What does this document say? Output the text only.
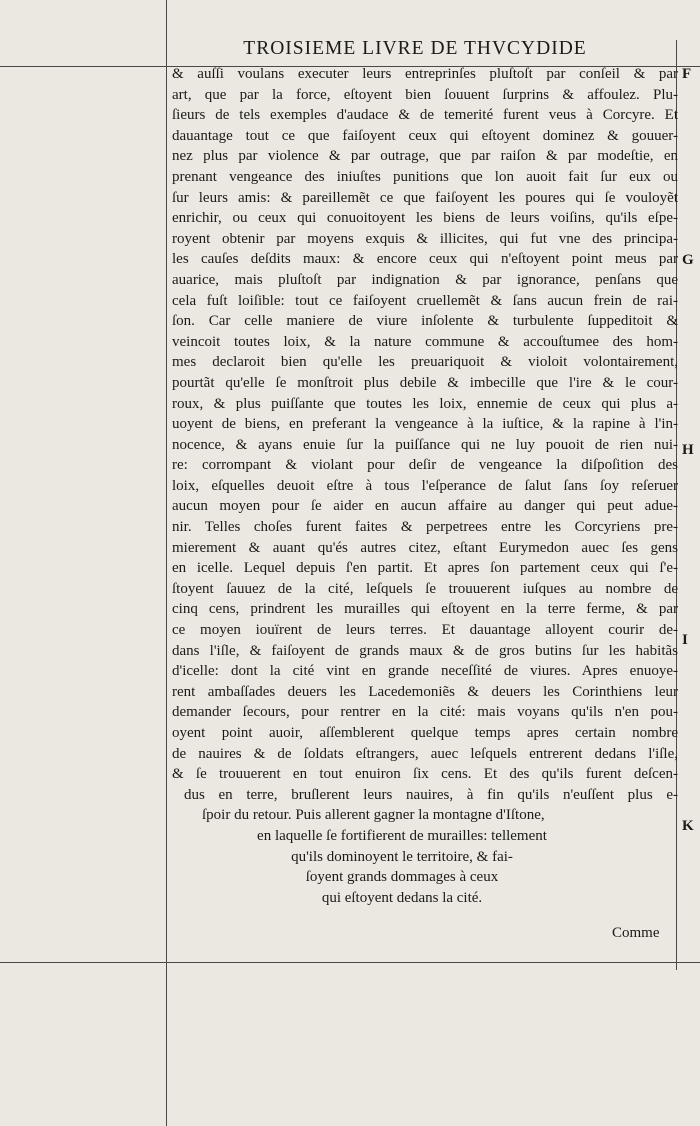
TROISIEME LIVRE DE THVCYDIDE
& auſſi voulans executer leurs entreprinſes pluſtoſt par conſeil & par
art, que par la force, eſtoyent bien ſouuent ſurprins & affoulez. Plu-
ſieurs de tels exemples d'audace & de temerité furent veus à Corcyre. Et
dauantage tout ce que faiſoyent ceux qui eſtoyent dominez & gouuer-
nez plus par violence & par outrage, que par raiſon & par modeſtie, en
prenant vengeance des iniuſtes punitions que lon auoit fait ſur eux ou
ſur leurs amis: & pareillemẽt ce que faiſoyent les poures qui ſe vouloyẽt
enrichir, ou ceux qui conuoitoyent les biens de leurs voiſins, qu'ils eſpe-
royent obtenir par moyens exquis & illicites, qui fut vne des principa-
les cauſes deſdits maux: & encore ceux qui n'eſtoyent point meus par
auarice, mais pluſtoſt par indignation & par ignorance, penſans que
cela fuſt loiſible: tout ce faiſoyent cruellemẽt & ſans aucun frein de rai-
ſon. Car celle maniere de viure inſolente & turbulente ſuppeditoit &
veincoit toutes loix, & la nature commune & accouſtumee des hom-
mes declaroit bien qu'elle les preuariquoit & violoit volontairement,
pourtãt qu'elle ſe monſtroit plus debile & imbecille que l'ire & le cour-
roux, & plus puiſſante que toutes les loix, ennemie de ceux qui plus a-
uoyent de biens, en preferant la vengeance à la iuſtice, & la rapine à l'in-
nocence, & ayans enuie ſur la puiſſance qui ne luy pouoit de rien nui-
re: corrompant & violant pour deſir de vengeance la diſpoſition des
loix, eſquelles deuoit eſtre à tous l'eſperance de ſalut ſans ſoy reſeruer
aucun moyen pour ſe aider en aucun affaire au danger qui peut adue-
nir. Telles choſes furent faites & perpetrees entre les Corcyriens pre-
mierement & auant qu'és autres citez, eſtant Eurymedon auec ſes gens
en icelle. Lequel depuis ſ'en partit. Et apres ſon partement ceux qui ſ'e-
ſtoyent ſauuez de la cité, leſquels ſe trouuerent iuſques au nombre de
cinq cens, prindrent les murailles qui eſtoyent en la terre ferme, & par
ce moyen iouïrent de leurs terres. Et dauantage alloyent courir de-
dans l'iſle, & faiſoyent de grands maux & de gros butins ſur les habitãs
d'icelle: dont la cité vint en grande neceſſité de viures. Apres enuoye-
rent ambaſſades deuers les Lacedemoniẽs & deuers les Corinthiens leur
demander ſecours, pour rentrer en la cité: mais voyans qu'ils n'en pou-
oyent point auoir, aſſemblerent quelque temps apres certain nombre
de nauires & de ſoldats eſtrangers, auec leſquels entrerent dedans l'iſle,
& ſe trouuerent en tout enuiron ſix cens. Et des qu'ils furent deſcen-
dus en terre, bruſlerent leurs nauires, à fin qu'ils n'euſſent plus e-
ſpoir du retour. Puis allerent gagner la montagne d'Iſtone,
en laquelle ſe fortifierent de murailles: tellement
qu'ils dominoyent le territoire, & fai-
ſoyent grands dommages à ceux
qui eſtoyent dedans la cité.
F
G
H
I
K
Comme
